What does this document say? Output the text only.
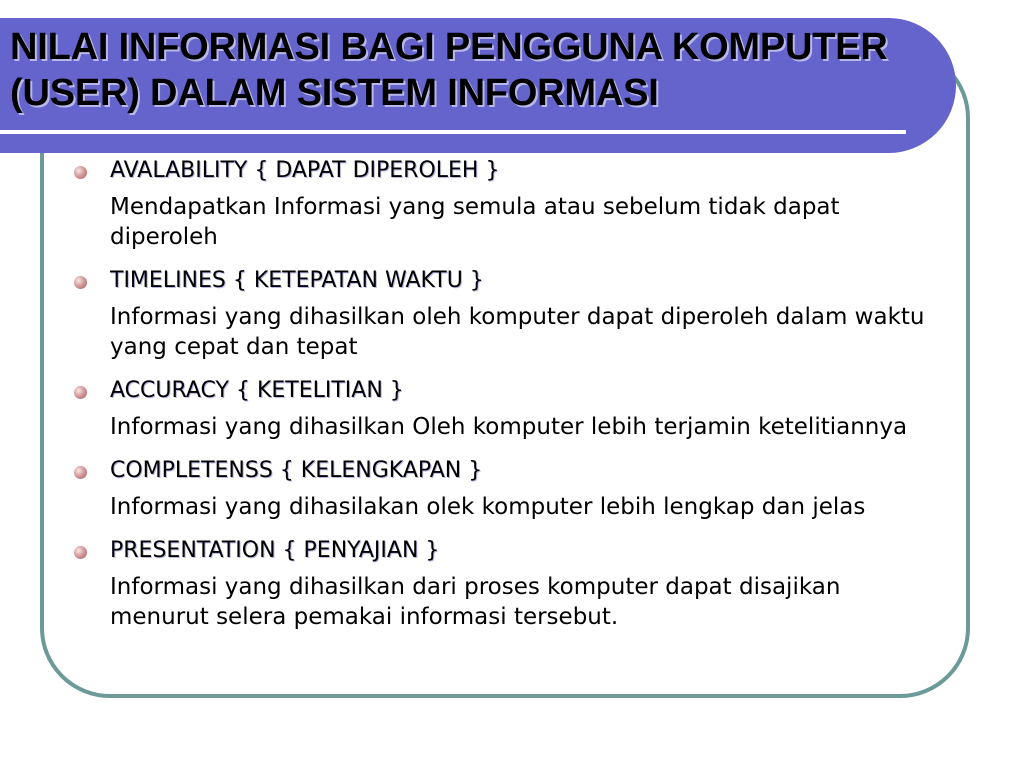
NILAI INFORMASI BAGI PENGGUNA KOMPUTER
(USER) DALAM SISTEM INFORMASI
AVALABILITY { DAPAT DIPEROLEH }
Mendapatkan Informasi yang semula atau sebelum tidak dapat diperoleh
TIMELINES { KETEPATAN WAKTU }
Informasi yang dihasilkan oleh komputer dapat diperoleh dalam waktu yang cepat dan tepat
ACCURACY { KETELITIAN }
Informasi yang dihasilkan Oleh komputer lebih terjamin ketelitiannya
COMPLETENSS { KELENGKAPAN }
Informasi yang dihasilakan olek komputer lebih lengkap dan jelas
PRESENTATION { PENYAJIAN }
Informasi yang dihasilkan dari proses komputer dapat disajikan menurut selera pemakai informasi tersebut.
